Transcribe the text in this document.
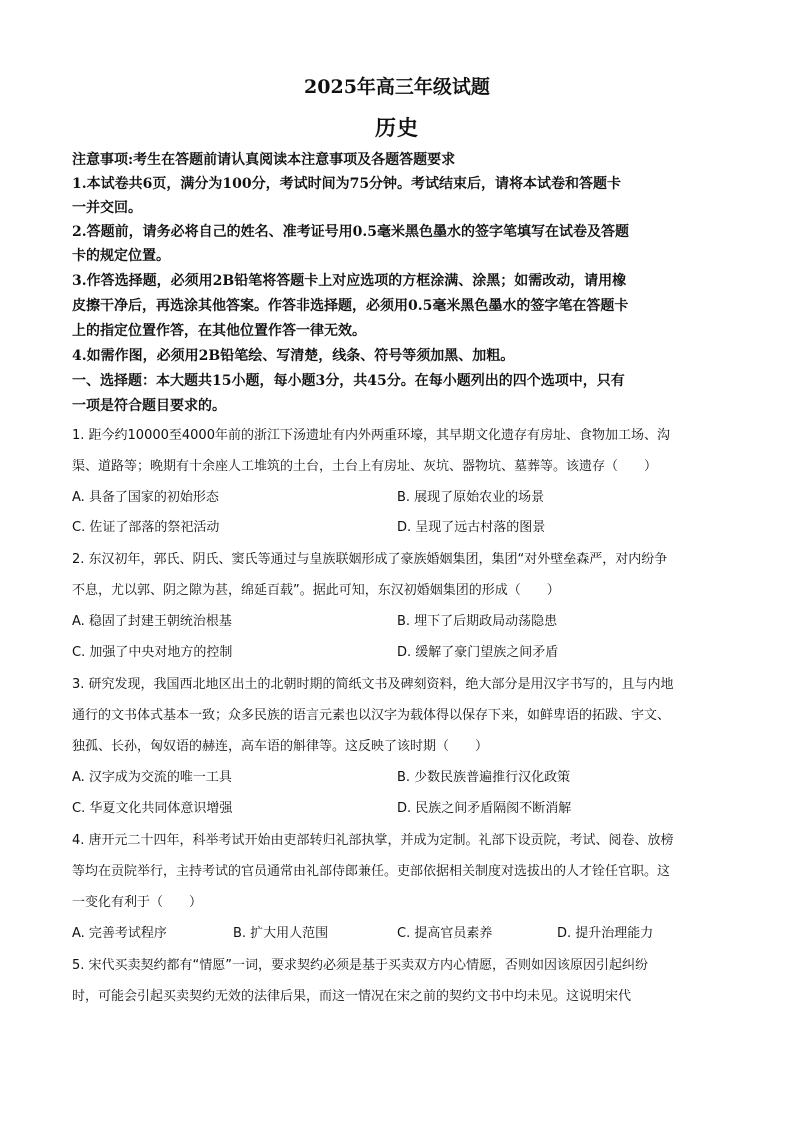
2025年高三年级试题
历史
注意事项:考生在答题前请认真阅读本注意事项及各题答题要求
1.本试卷共6页，满分为100分，考试时间为75分钟。考试结束后，请将本试卷和答题卡
一并交回。
2.答题前，请务必将自己的姓名、准考证号用0.5毫米黑色墨水的签字笔填写在试卷及答题
卡的规定位置。
3.作答选择题，必须用2B铅笔将答题卡上对应选项的方框涂满、涂黑；如需改动，请用橡
皮擦干净后，再选涂其他答案。作答非选择题，必须用0.5毫米黑色墨水的签字笔在答题卡
上的指定位置作答，在其他位置作答一律无效。
4.如需作图，必须用2B铅笔绘、写清楚，线条、符号等须加黑、加粗。
一、选择题：本大题共15小题，每小题3分，共45分。在每小题列出的四个选项中，只有
一项是符合题目要求的。
1. 距今约10000至4000年前的浙江下汤遗址有内外两重环壕，其早期文化遗存有房址、食物加工场、沟
渠、道路等；晚期有十余座人工堆筑的土台，土台上有房址、灰坑、器物坑、墓葬等。该遗存（　　）
A. 具备了国家的初始形态	B. 展现了原始农业的场景
C. 佐证了部落的祭祀活动	D. 呈现了远古村落的图景
2. 东汉初年，郭氏、阴氏、窦氏等通过与皇族联姻形成了豪族婚姻集团，集团“对外壁垒森严，对内纷争
不息，尤以郭、阴之隙为甚，绵延百载”。据此可知，东汉初婚姻集团的形成（　　）
A. 稳固了封建王朝统治根基	B. 埋下了后期政局动荡隐患
C. 加强了中央对地方的控制	D. 缓解了豪门望族之间矛盾
3. 研究发现，我国西北地区出土的北朝时期的简纸文书及碑刻资料，绝大部分是用汉字书写的，且与内地
通行的文书体式基本一致；众多民族的语言元素也以汉字为载体得以保存下来，如鲜卑语的拓跋、宇文、
独孤、长孙，匈奴语的赫连，高车语的斛律等。这反映了该时期（　　）
A. 汉字成为交流的唯一工具	B. 少数民族普遍推行汉化政策
C. 华夏文化共同体意识增强	D. 民族之间矛盾隔阂不断消解
4. 唐开元二十四年，科举考试开始由吏部转归礼部执掌，并成为定制。礼部下设贡院，考试、阅卷、放榜
等均在贡院举行，主持考试的官员通常由礼部侍郎兼任。吏部依据相关制度对选拔出的人才铨任官职。这
一变化有利于（　　）
A. 完善考试程序	B. 扩大用人范围	C. 提高官员素养	D. 提升治理能力
5. 宋代买卖契约都有“情愿”一词，要求契约必须是基于买卖双方内心情愿，否则如因该原因引起纠纷
时，可能会引起买卖契约无效的法律后果，而这一情况在宋之前的契约文书中均未见。这说明宋代
